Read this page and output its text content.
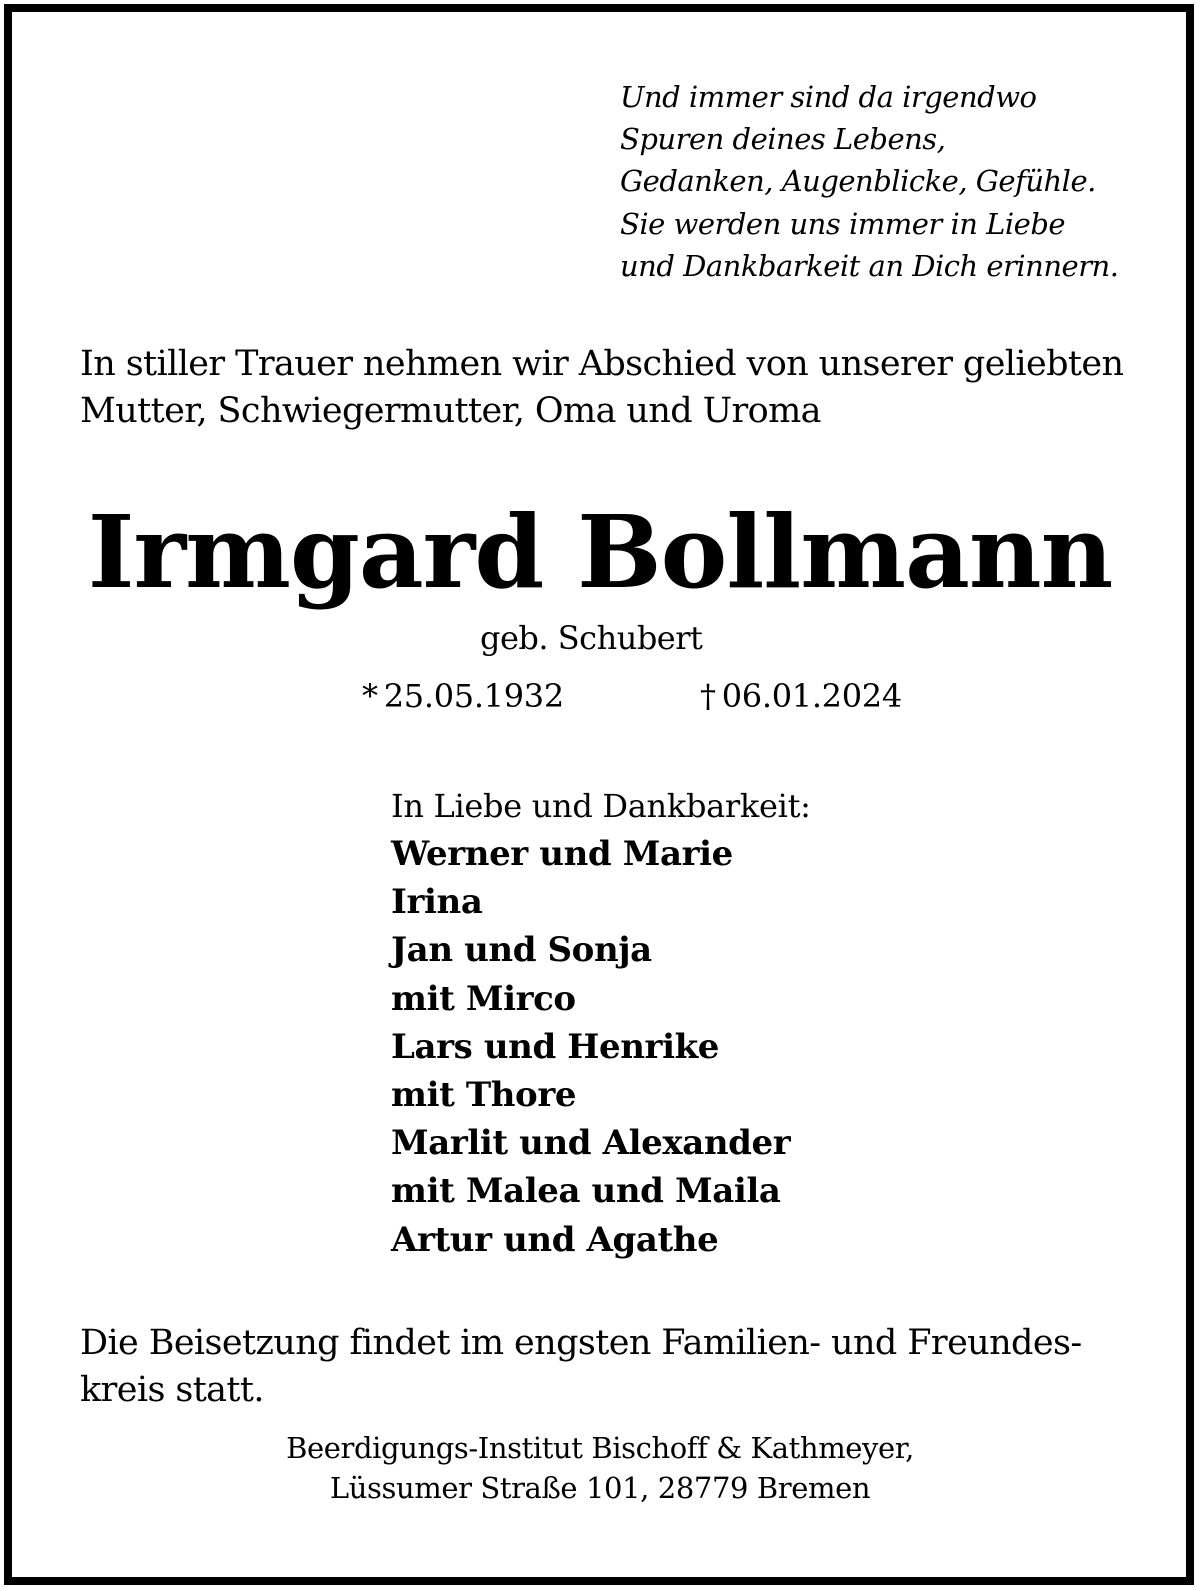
Und immer sind da irgendwo
Spuren deines Lebens,
Gedanken, Augenblicke, Gefühle.
Sie werden uns immer in Liebe
und Dankbarkeit an Dich erinnern.
In stiller Trauer nehmen wir Abschied von unserer geliebten
Mutter, Schwiegermutter, Oma und Uroma
Irmgard Bollmann
geb. Schubert
* 25.05.1932	† 06.01.2024
In Liebe und Dankbarkeit:
Werner und Marie
Irina
Jan und Sonja
mit Mirco
Lars und Henrike
mit Thore
Marlit und Alexander
mit Malea und Maila
Artur und Agathe
Die Beisetzung findet im engsten Familien- und Freundes-
kreis statt.
Beerdigungs-Institut Bischoff & Kathmeyer,
Lüssumer Straße 101, 28779 Bremen
